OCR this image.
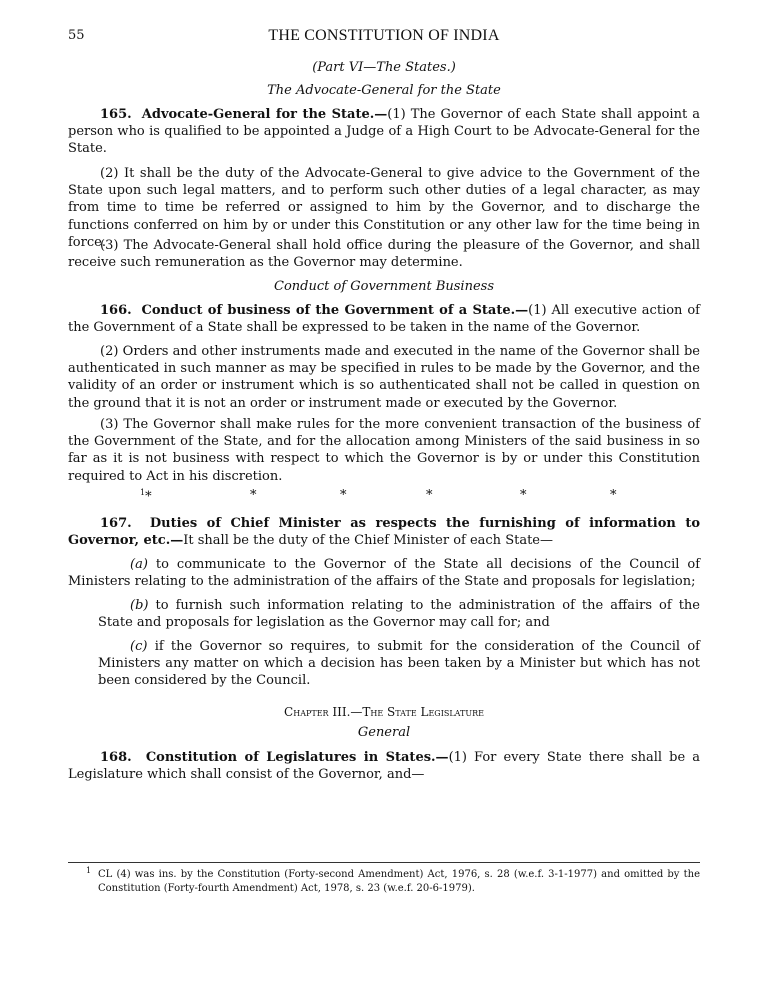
55	THE CONSTITUTION OF INDIA
(Part VI—The States.)
The Advocate-General for the State

165. Advocate-General for the State.—(1) The Governor of each State shall appoint a person who is qualified to be appointed a Judge of a High Court to be Advocate-General for the State.

(2) It shall be the duty of the Advocate-General to give advice to the Government of the State upon such legal matters, and to perform such other duties of a legal character, as may from time to time be referred or assigned to him by the Governor, and to discharge the functions conferred on him by or under this Constitution or any other law for the time being in force.

(3) The Advocate-General shall hold office during the pleasure of the Governor, and shall receive such remuneration as the Governor may determine.

Conduct of Government Business

166. Conduct of business of the Government of a State.—(1) All executive action of the Government of a State shall be expressed to be taken in the name of the Governor.

(2) Orders and other instruments made and executed in the name of the Governor shall be authenticated in such manner as may be specified in rules to be made by the Governor, and the validity of an order or instrument which is so authenticated shall not be called in question on the ground that it is not an order or instrument made or executed by the Governor.

(3) The Governor shall make rules for the more convenient transaction of the business of the Government of the State, and for the allocation among Ministers of the said business in so far as it is not business with respect to which the Governor is by or under this Constitution required to Act in his discretion.

$^1$*	*	*	*	*	*

167. Duties of Chief Minister as respects the furnishing of information to Governor, etc.—It shall be the duty of the Chief Minister of each State—

(a) to communicate to the Governor of the State all decisions of the Council of Ministers relating to the administration of the affairs of the State and proposals for legislation;

(b) to furnish such information relating to the administration of the affairs of the State and proposals for legislation as the Governor may call for; and

(c) if the Governor so requires, to submit for the consideration of the Council of Ministers any matter on which a decision has been taken by a Minister but which has not been considered by the Council.

Chapter III.—The State Legislature
General

168. Constitution of Legislatures in States.—(1) For every State there shall be a Legislature which shall consist of the Governor, and—

1 CL (4) was ins. by the Constitution (Forty-second Amendment) Act, 1976, s. 28 (w.e.f. 3-1-1977) and omitted by the Constitution (Forty-fourth Amendment) Act, 1978, s. 23 (w.e.f. 20-6-1979).
